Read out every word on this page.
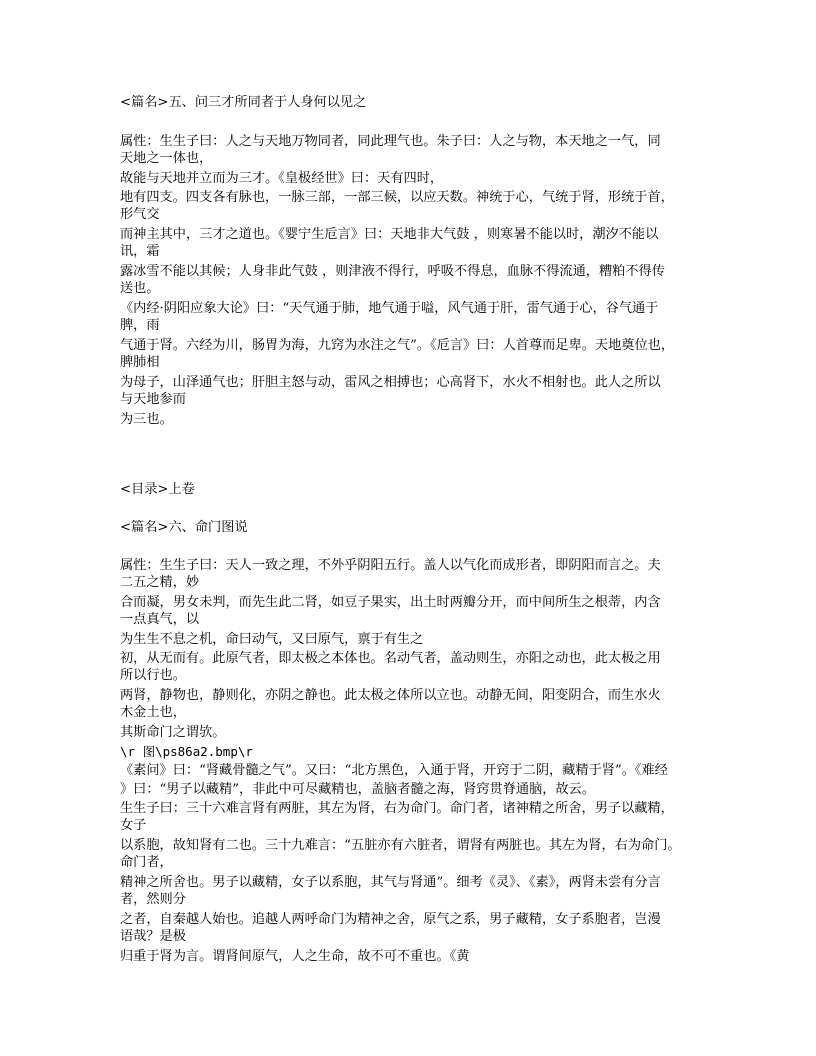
<篇名>五、问三才所同者于人身何以见之
属性：生生子曰：人之与天地万物同者，同此理气也。朱子曰：人之与物，本天地之一气，同
天地之一体也，
故能与天地并立而为三才。《皇极经世》曰：天有四时，
地有四支。四支各有脉也，一脉三部，一部三候，以应天数。神统于心，气统于肾，形统于首，
形气交
而神主其中，三才之道也。《婴宁生卮言》曰：天地非大气鼓 ，则寒暑不能以时，潮汐不能以
讯，霜
露冰雪不能以其候；人身非此气鼓 ，则津液不得行，呼吸不得息，血脉不得流通，糟粕不得传
送也。
《内经·阴阳应象大论》曰：“天气通于肺，地气通于嗌，风气通于肝，雷气通于心，谷气通于
脾，雨
气通于肾。六经为川，肠胃为海，九窍为水注之气”。《卮言》曰：人首尊而足卑。天地奠位也，
脾肺相
为母子，山泽通气也；肝胆主怒与动，雷风之相搏也；心高肾下，水火不相射也。此人之所以
与天地参而
为三也。
<目录>上卷
<篇名>六、命门图说
属性：生生子曰：天人一致之理，不外乎阴阳五行。盖人以气化而成形者，即阴阳而言之。夫
二五之精，妙
合而凝，男女未判，而先生此二肾，如豆子果实，出土时两瓣分开，而中间所生之根蒂，内含
一点真气，以
为生生不息之机，命曰动气，又曰原气，禀于有生之
初，从无而有。此原气者，即太极之本体也。名动气者，盖动则生，亦阳之动也，此太极之用
所以行也。
两肾，静物也，静则化，亦阴之静也。此太极之体所以立也。动静无间，阳变阴合，而生水火
木金土也，
其斯命门之谓欤。
\r 图\ps86a2.bmp\r
《素问》曰：“肾藏骨髓之气”。又曰：“北方黑色，入通于肾，开窍于二阴，藏精于肾”。《难经
》曰：“男子以藏精”，非此中可尽藏精也，盖脑者髓之海，肾窍贯脊通脑，故云。
生生子曰：三十六难言肾有两脏，其左为肾，右为命门。命门者，诸神精之所舍，男子以藏精，
女子
以系胞，故知肾有二也。三十九难言：“五脏亦有六脏者，谓肾有两脏也。其左为肾，右为命门。
命门者，
精神之所舍也。男子以藏精，女子以系胞，其气与肾通”。细考《灵》、《素》，两肾未尝有分言
者，然则分
之者，自秦越人始也。追越人两呼命门为精神之舍，原气之系，男子藏精，女子系胞者，岂漫
语哉？是极
归重于肾为言。谓肾间原气，人之生命，故不可不重也。《黄
